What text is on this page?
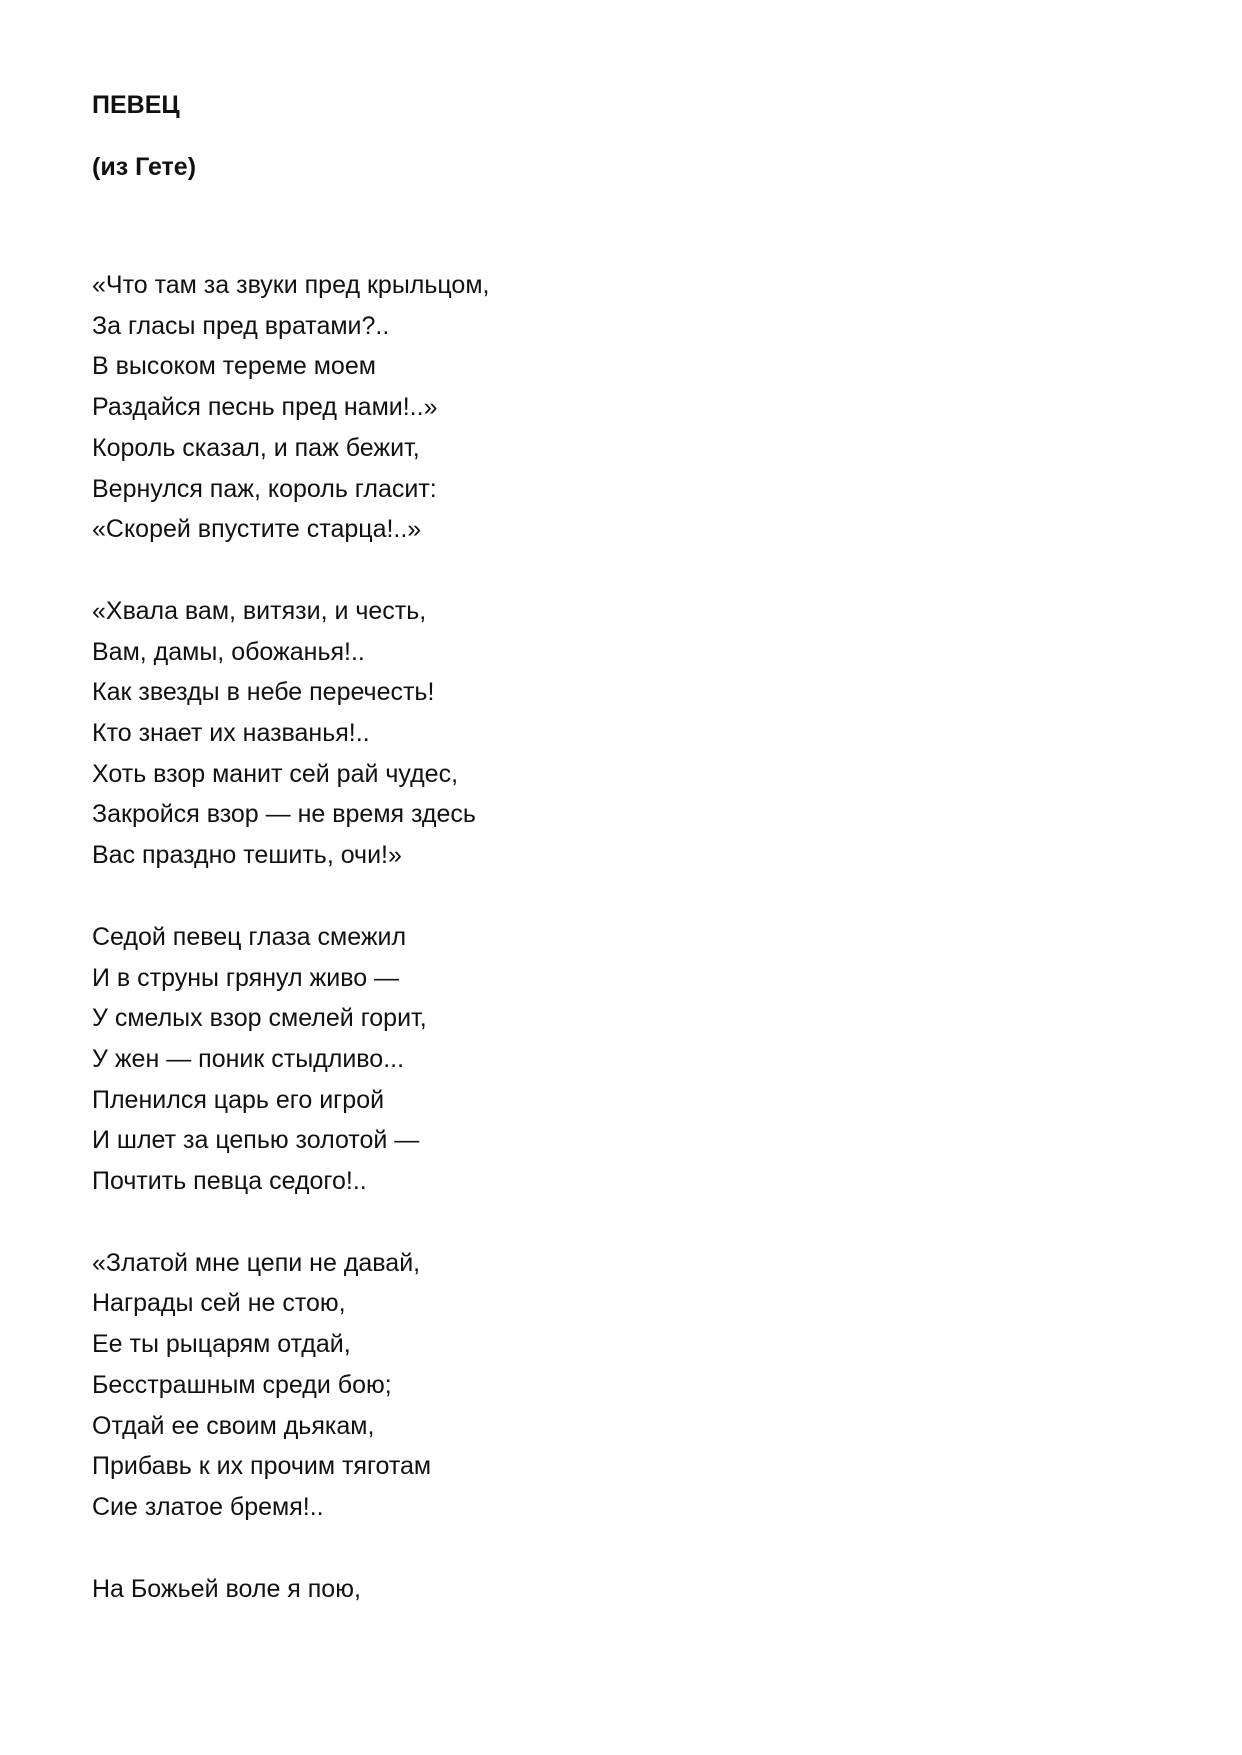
ПЕВЕЦ
(из Гете)
«Что там за звуки пред крыльцом,
За гласы пред вратами?..
В высоком тереме моем
Раздайся песнь пред нами!..»
Король сказал, и паж бежит,
Вернулся паж, король гласит:
«Скорей впустите старца!..»
«Хвала вам, витязи, и честь,
Вам, дамы, обожанья!..
Как звезды в небе перечесть!
Кто знает их названья!..
Хоть взор манит сей рай чудес,
Закройся взор — не время здесь
Вас праздно тешить, очи!»
Седой певец глаза смежил
И в струны грянул живо —
У смелых взор смелей горит,
У жен — поник стыдливо...
Пленился царь его игрой
И шлет за цепью золотой —
Почтить певца седого!..
«Златой мне цепи не давай,
Награды сей не стою,
Ее ты рыцарям отдай,
Бесстрашным среди бою;
Отдай ее своим дьякам,
Прибавь к их прочим тяготам
Сие златое бремя!..
На Божьей воле я пою,
